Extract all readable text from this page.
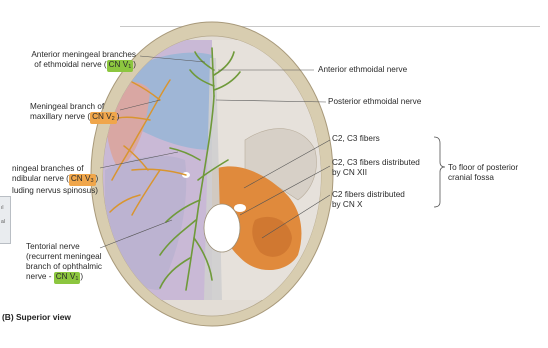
ıl
al
Anterior meningeal branches
of ethmoidal nerve ( CN $V_1$ )
Meningeal branch of
maxillary nerve ( CN $V_2$ )
ningeal branches of
ndibular nerve ( CN $V_3$ )
luding nervus spinosus)
Tentorial nerve
(recurrent meningeal
branch of ophthalmic
nerve - CN $V_1$ )
Anterior ethmoidal nerve
Posterior ethmoidal nerve
C2, C3 fibers
C2, C3 fibers distributed
by CN XII
C2 fibers distributed
by CN X
To floor of posterior
cranial fossa
(B) Superior view
